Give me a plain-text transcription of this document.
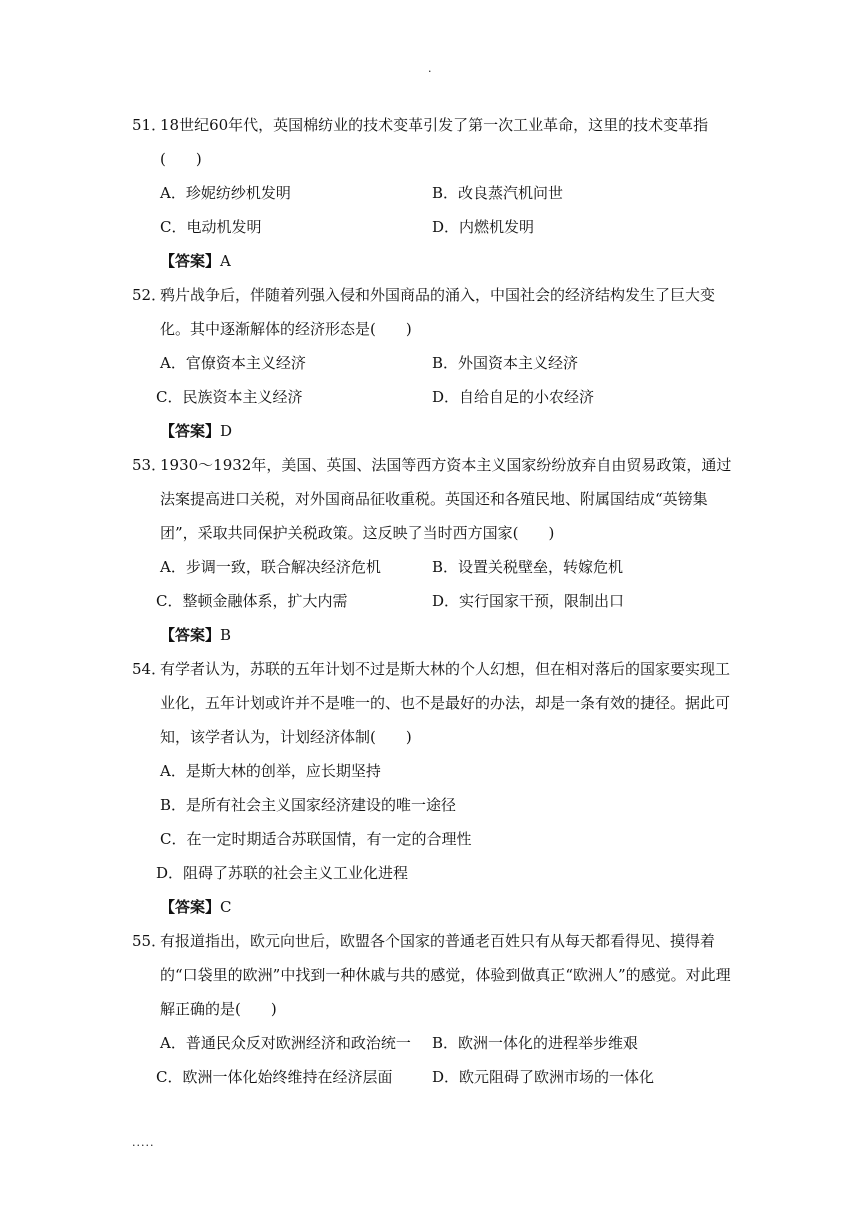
.
51．
18世纪60年代，英国棉纺业的技术变革引发了第一次工业革命，这里的技术变革指(　　)
A．珍妮纺纱机发明	B．改良蒸汽机问世
C．电动机发明	D．内燃机发明
【答案】A
52．
鸦片战争后，伴随着列强入侵和外国商品的涌入，中国社会的经济结构发生了巨大变化。其中逐渐解体的经济形态是(　　)
A．官僚资本主义经济	B．外国资本主义经济
C．民族资本主义经济	D．自给自足的小农经济
【答案】D
53．
1930～1932年，美国、英国、法国等西方资本主义国家纷纷放弃自由贸易政策，通过法案提高进口关税，对外国商品征收重税。英国还和各殖民地、附属国结成“英镑集团”，采取共同保护关税政策。这反映了当时西方国家(　　)
A．步调一致，联合解决经济危机	B．设置关税壁垒，转嫁危机
C．整顿金融体系，扩大内需	D．实行国家干预，限制出口
【答案】B
54．
有学者认为，苏联的五年计划不过是斯大林的个人幻想，但在相对落后的国家要实现工业化，五年计划或许并不是唯一的、也不是最好的办法，却是一条有效的捷径。据此可知，该学者认为，计划经济体制(　　)
A．是斯大林的创举，应长期坚持
B．是所有社会主义国家经济建设的唯一途径
C．在一定时期适合苏联国情，有一定的合理性
D．阻碍了苏联的社会主义工业化进程
【答案】C
55．
有报道指出，欧元向世后，欧盟各个国家的普通老百姓只有从每天都看得见、摸得着的“口袋里的欧洲”中找到一种休戚与共的感觉，体验到做真正“欧洲人”的感觉。对此理解正确的是(　　)
A．普通民众反对欧洲经济和政治统一	B．欧洲一体化的进程举步维艰
C．欧洲一体化始终维持在经济层面	D．欧元阻碍了欧洲市场的一体化
.....
